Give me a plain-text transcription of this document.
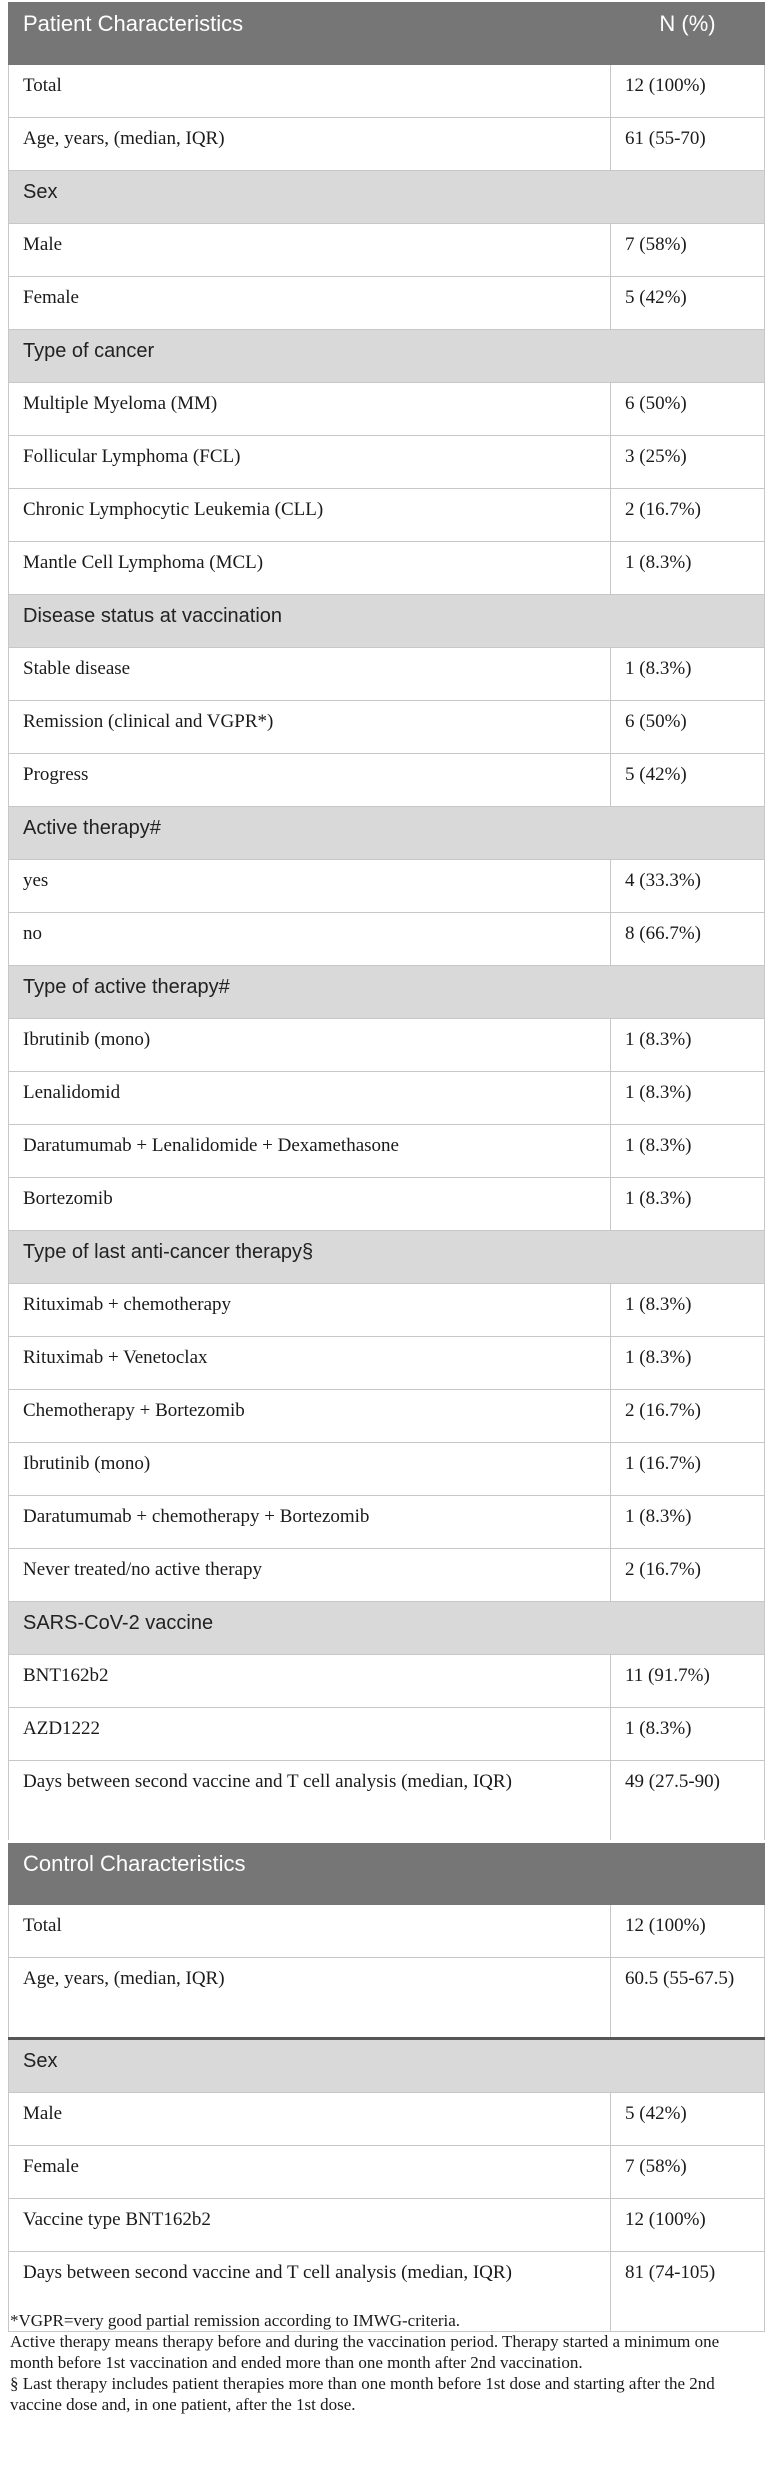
Patient Characteristics	N (%)
Total	12 (100%)
Age, years, (median, IQR)	61 (55-70)
Sex	
Male	7 (58%)
Female	5 (42%)
Type of cancer	
Multiple Myeloma (MM)	6 (50%)
Follicular Lymphoma (FCL)	3 (25%)
Chronic Lymphocytic Leukemia (CLL)	2 (16.7%)
Mantle Cell Lymphoma (MCL)	1 (8.3%)
Disease status at vaccination	
Stable disease	1 (8.3%)
Remission (clinical and VGPR*)	6 (50%)
Progress	5 (42%)
Active therapy#	
yes	4 (33.3%)
no	8 (66.7%)
Type of active therapy#	
Ibrutinib (mono)	1 (8.3%)
Lenalidomid	1 (8.3%)
Daratumumab + Lenalidomide + Dexamethasone	1 (8.3%)
Bortezomib	1 (8.3%)
Type of last anti-cancer therapy§	
Rituximab + chemotherapy	1 (8.3%)
Rituximab + Venetoclax	1 (8.3%)
Chemotherapy + Bortezomib	2 (16.7%)
Ibrutinib (mono)	1 (16.7%)
Daratumumab + chemotherapy + Bortezomib	1 (8.3%)
Never treated/no active therapy	2 (16.7%)
SARS-CoV-2 vaccine	
BNT162b2	11 (91.7%)
AZD1222	1 (8.3%)
Days between second vaccine and T cell analysis (median, IQR)	49 (27.5-90)
Control Characteristics	
Total	12 (100%)
Age, years, (median, IQR)	60.5 (55-67.5)
Sex	
Male	5 (42%)
Female	7 (58%)
Vaccine type BNT162b2	12 (100%)
Days between second vaccine and T cell analysis (median, IQR)	81 (74-105)

*VGPR=very good partial remission according to IMWG-criteria.

Active therapy means therapy before and during the vaccination period. Therapy started a minimum one month before 1st vaccination and ended more than one month after 2nd vaccination.

§ Last therapy includes patient therapies more than one month before 1st dose and starting after the 2nd vaccine dose and, in one patient, after the 1st dose.
